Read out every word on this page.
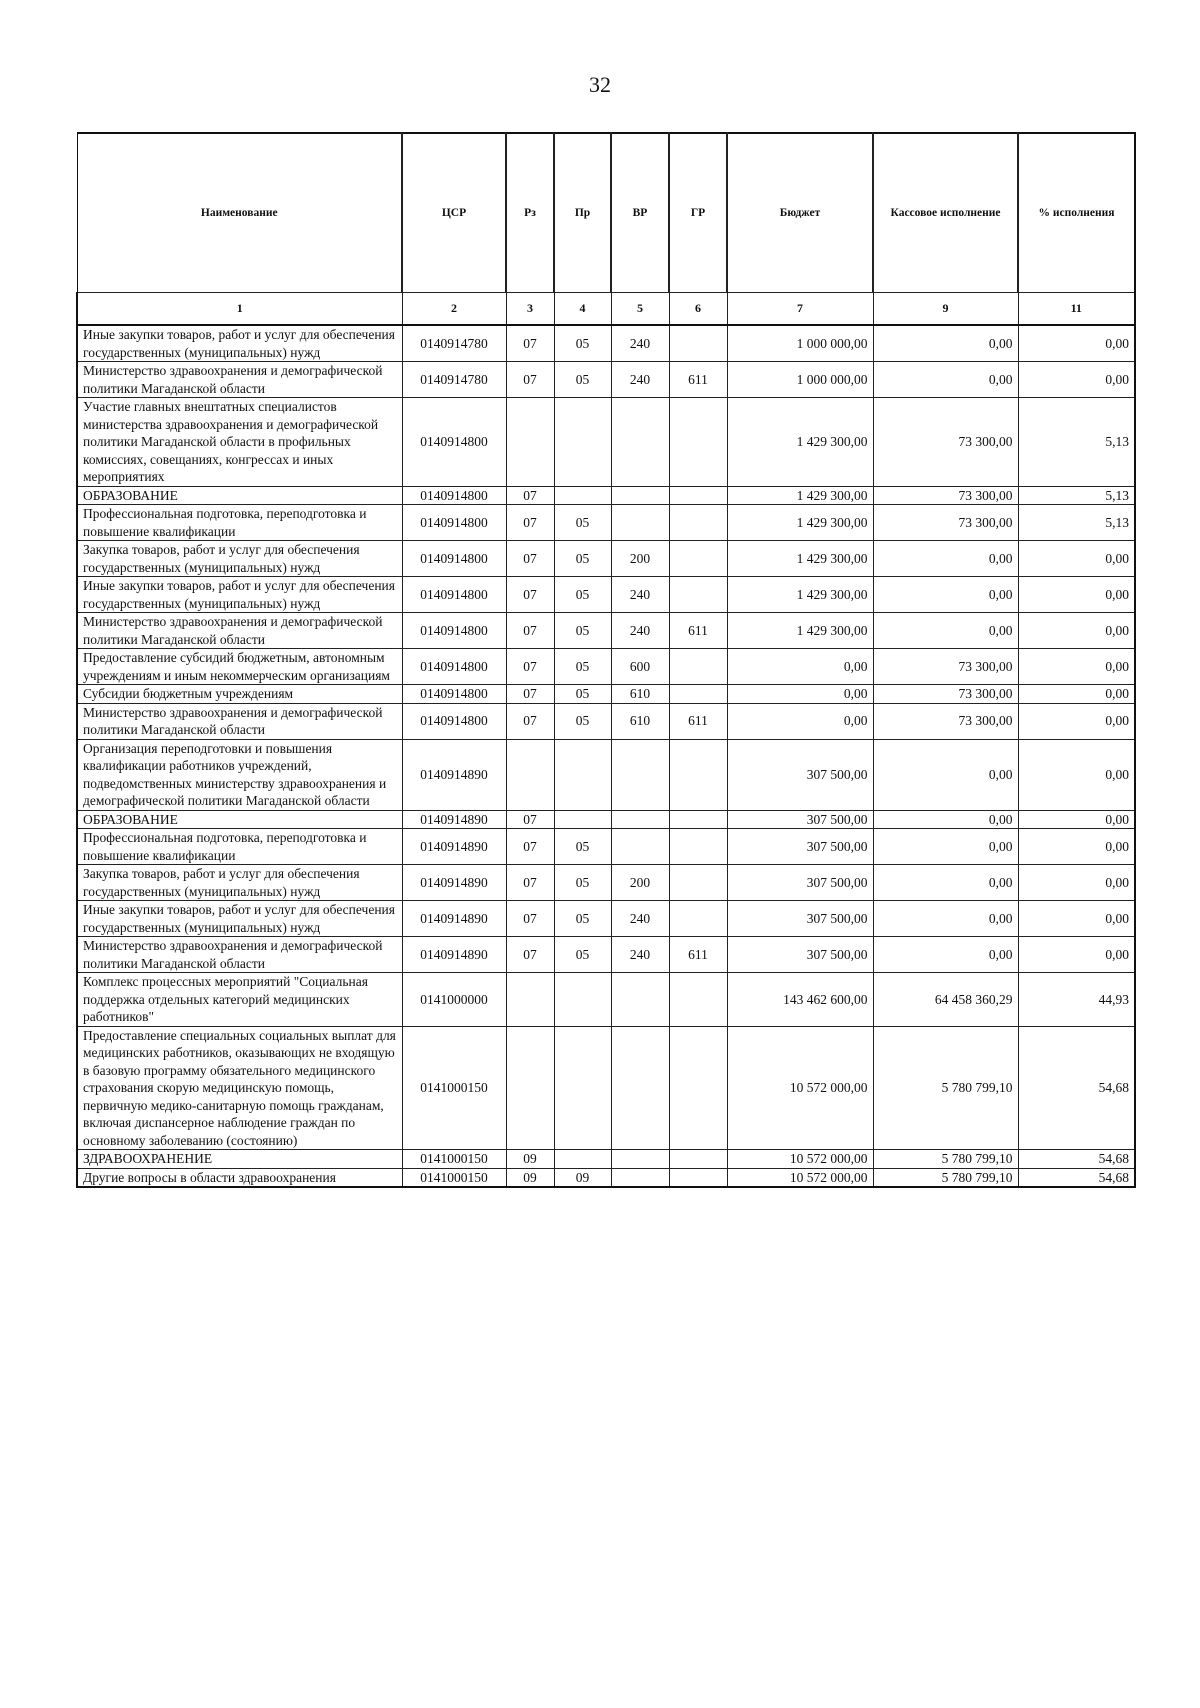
32
Наименование	ЦСР	Рз	Пр	ВР	ГР	Бюджет	Кассовое исполнение	% исполнения
1	2	3	4	5	6	7	9	11
Иные закупки товаров, работ и услуг для обеспечения государственных (муниципальных) нужд	0140914780	07	05	240		1 000 000,00	0,00	0,00
Министерство здравоохранения и демографической политики Магаданской области	0140914780	07	05	240	611	1 000 000,00	0,00	0,00
Участие главных внештатных специалистов министерства здравоохранения и демографической политики Магаданской области в профильных комиссиях, совещаниях, конгрессах и иных мероприятиях	0140914800					1 429 300,00	73 300,00	5,13
ОБРАЗОВАНИЕ	0140914800	07				1 429 300,00	73 300,00	5,13
Профессиональная подготовка, переподготовка и повышение квалификации	0140914800	07	05			1 429 300,00	73 300,00	5,13
Закупка товаров, работ и услуг для обеспечения государственных (муниципальных) нужд	0140914800	07	05	200		1 429 300,00	0,00	0,00
Иные закупки товаров, работ и услуг для обеспечения государственных (муниципальных) нужд	0140914800	07	05	240		1 429 300,00	0,00	0,00
Министерство здравоохранения и демографической политики Магаданской области	0140914800	07	05	240	611	1 429 300,00	0,00	0,00
Предоставление субсидий бюджетным, автономным учреждениям и иным некоммерческим организациям	0140914800	07	05	600		0,00	73 300,00	0,00
Субсидии бюджетным учреждениям	0140914800	07	05	610		0,00	73 300,00	0,00
Министерство здравоохранения и демографической политики Магаданской области	0140914800	07	05	610	611	0,00	73 300,00	0,00
Организация переподготовки и повышения квалификации работников учреждений, подведомственных министерству здравоохранения и демографической политики Магаданской области	0140914890					307 500,00	0,00	0,00
ОБРАЗОВАНИЕ	0140914890	07				307 500,00	0,00	0,00
Профессиональная подготовка, переподготовка и повышение квалификации	0140914890	07	05			307 500,00	0,00	0,00
Закупка товаров, работ и услуг для обеспечения государственных (муниципальных) нужд	0140914890	07	05	200		307 500,00	0,00	0,00
Иные закупки товаров, работ и услуг для обеспечения государственных (муниципальных) нужд	0140914890	07	05	240		307 500,00	0,00	0,00
Министерство здравоохранения и демографической политики Магаданской области	0140914890	07	05	240	611	307 500,00	0,00	0,00
Комплекс процессных мероприятий "Социальная поддержка отдельных категорий медицинских работников"	0141000000					143 462 600,00	64 458 360,29	44,93
Предоставление специальных социальных выплат для медицинских работников, оказывающих не входящую в базовую программу обязательного медицинского страхования скорую медицинскую помощь, первичную медико-санитарную помощь гражданам, включая диспансерное наблюдение граждан по основному заболеванию (состоянию)	0141000150					10 572 000,00	5 780 799,10	54,68
ЗДРАВООХРАНЕНИЕ	0141000150	09				10 572 000,00	5 780 799,10	54,68
Другие вопросы в области здравоохранения	0141000150	09	09			10 572 000,00	5 780 799,10	54,68
